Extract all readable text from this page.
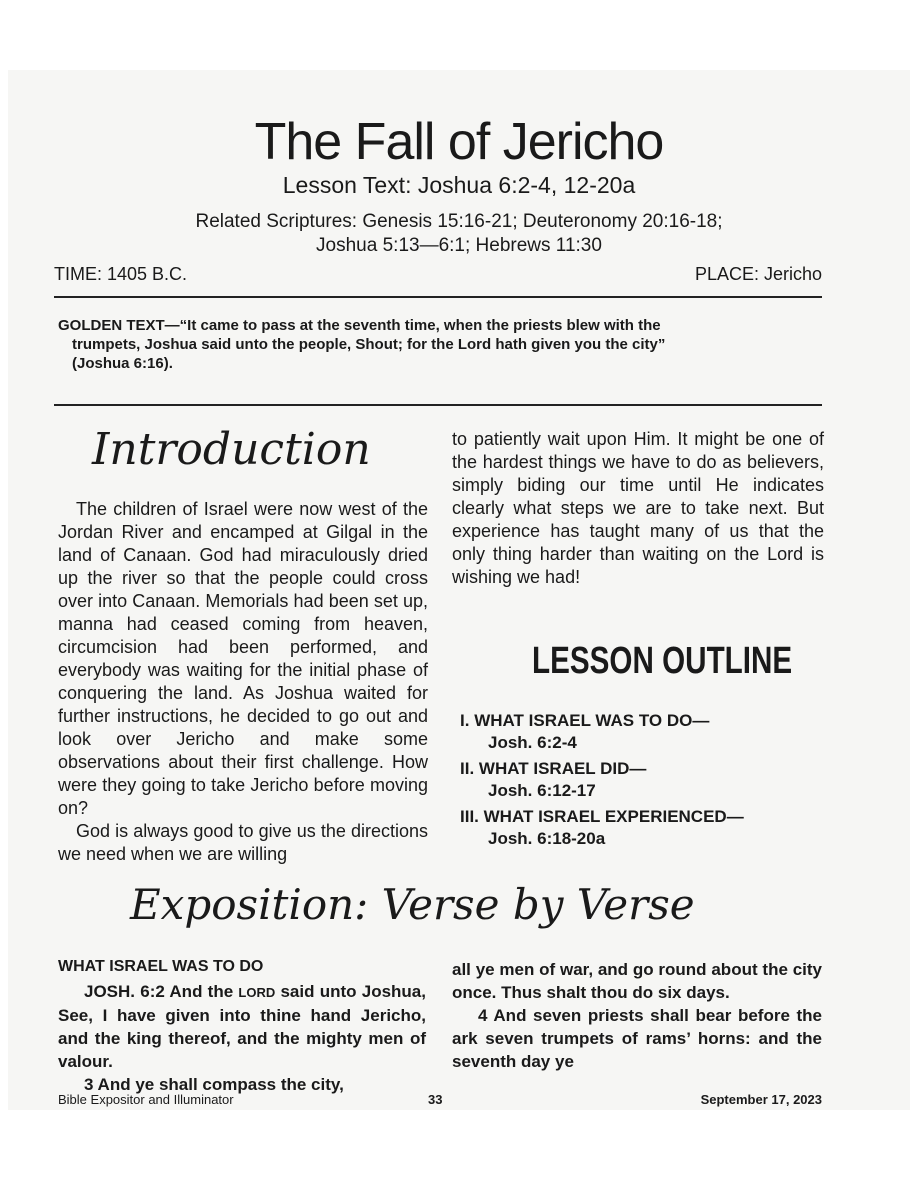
The Fall of Jericho
Lesson Text: Joshua 6:2-4, 12-20a
Related Scriptures: Genesis 15:16-21; Deuteronomy 20:16-18;
Joshua 5:13—6:1; Hebrews 11:30
TIME: 1405 B.C.	PLACE: Jericho
GOLDEN TEXT—“It came to pass at the seventh time, when the priests blew with the
trumpets, Joshua said unto the people, Shout; for the Lord hath given you the city”
(Joshua 6:16).
Introduction

The children of Israel were now west of the Jordan River and encamped at Gilgal in the land of Canaan. God had miraculously dried up the river so that the people could cross over into Canaan. Memorials had been set up, manna had ceased coming from heaven, circumcision had been performed, and everybody was waiting for the initial phase of conquering the land. As Joshua waited for further instructions, he decided to go out and look over Jericho and make some observations about their first challenge. How were they going to take Jericho before moving on?

God is always good to give us the directions we need when we are willing

to patiently wait upon Him. It might be one of the hardest things we have to do as believers, simply biding our time until He indicates clearly what steps we are to take next. But experience has taught many of us that the only thing harder than waiting on the Lord is wishing we had!

LESSON OUTLINE
I. WHAT ISRAEL WAS TO DO—
Josh. 6:2-4
II. WHAT ISRAEL DID—
Josh. 6:12-17
III. WHAT ISRAEL EXPERIENCED—
Josh. 6:18-20a
Exposition: Verse by Verse
WHAT ISRAEL WAS TO DO

JOSH. 6:2 And the LORD said unto Joshua, See, I have given into thine hand Jericho, and the king thereof, and the mighty men of valour.

3 And ye shall compass the city,

all ye men of war, and go round about the city once. Thus shalt thou do six days.

4 And seven priests shall bear before the ark seven trumpets of rams’ horns: and the seventh day ye

Bible Expositor and Illuminator	33	September 17, 2023
